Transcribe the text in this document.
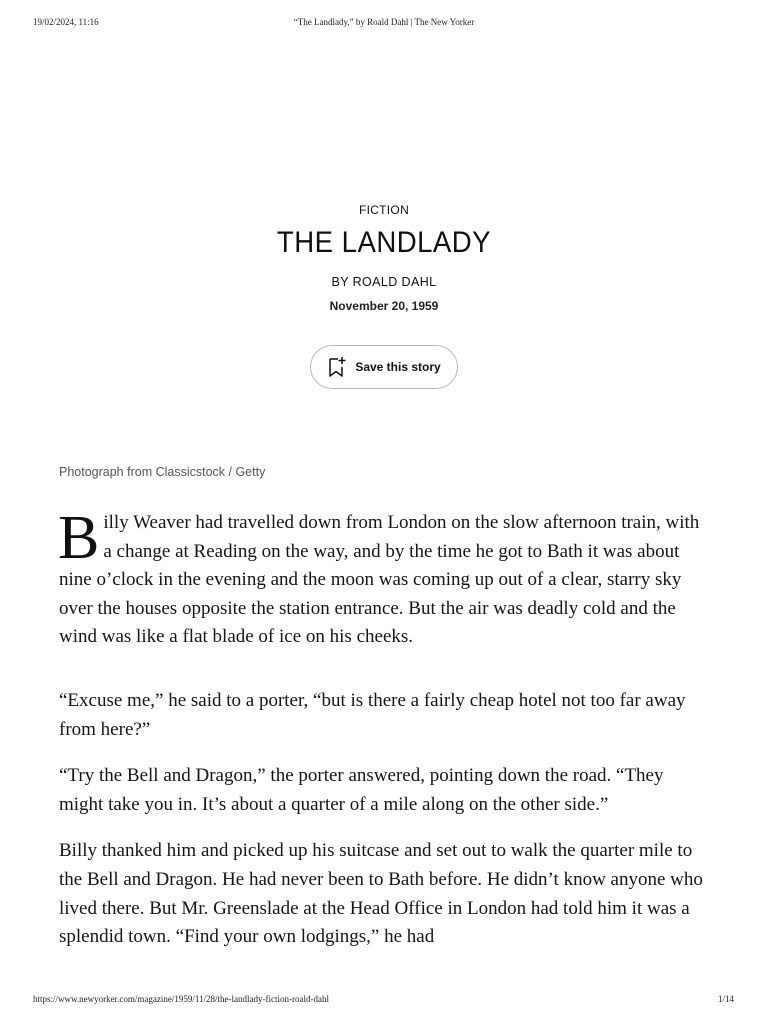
19/02/2024, 11:16	“The Landlady,” by Roald Dahl | The New Yorker
FICTION
THE LANDLADY
BY ROALD DAHL
November 20, 1959
Save this story
Photograph from Classicstock / Getty

Billy Weaver had travelled down from London on the slow afternoon train, with a change at Reading on the way, and by the time he got to Bath it was about nine o’clock in the evening and the moon was coming up out of a clear, starry sky over the houses opposite the station entrance. But the air was deadly cold and the wind was like a flat blade of ice on his cheeks.

“Excuse me,” he said to a porter, “but is there a fairly cheap hotel not too far away from here?”

“Try the Bell and Dragon,” the porter answered, pointing down the road. “They might take you in. It’s about a quarter of a mile along on the other side.”

Billy thanked him and picked up his suitcase and set out to walk the quarter mile to the Bell and Dragon. He had never been to Bath before. He didn’t know anyone who lived there. But Mr. Greenslade at the Head Office in London had told him it was a splendid town. “Find your own lodgings,” he had

https://www.newyorker.com/magazine/1959/11/28/the-landlady-fiction-roald-dahl	1/14
